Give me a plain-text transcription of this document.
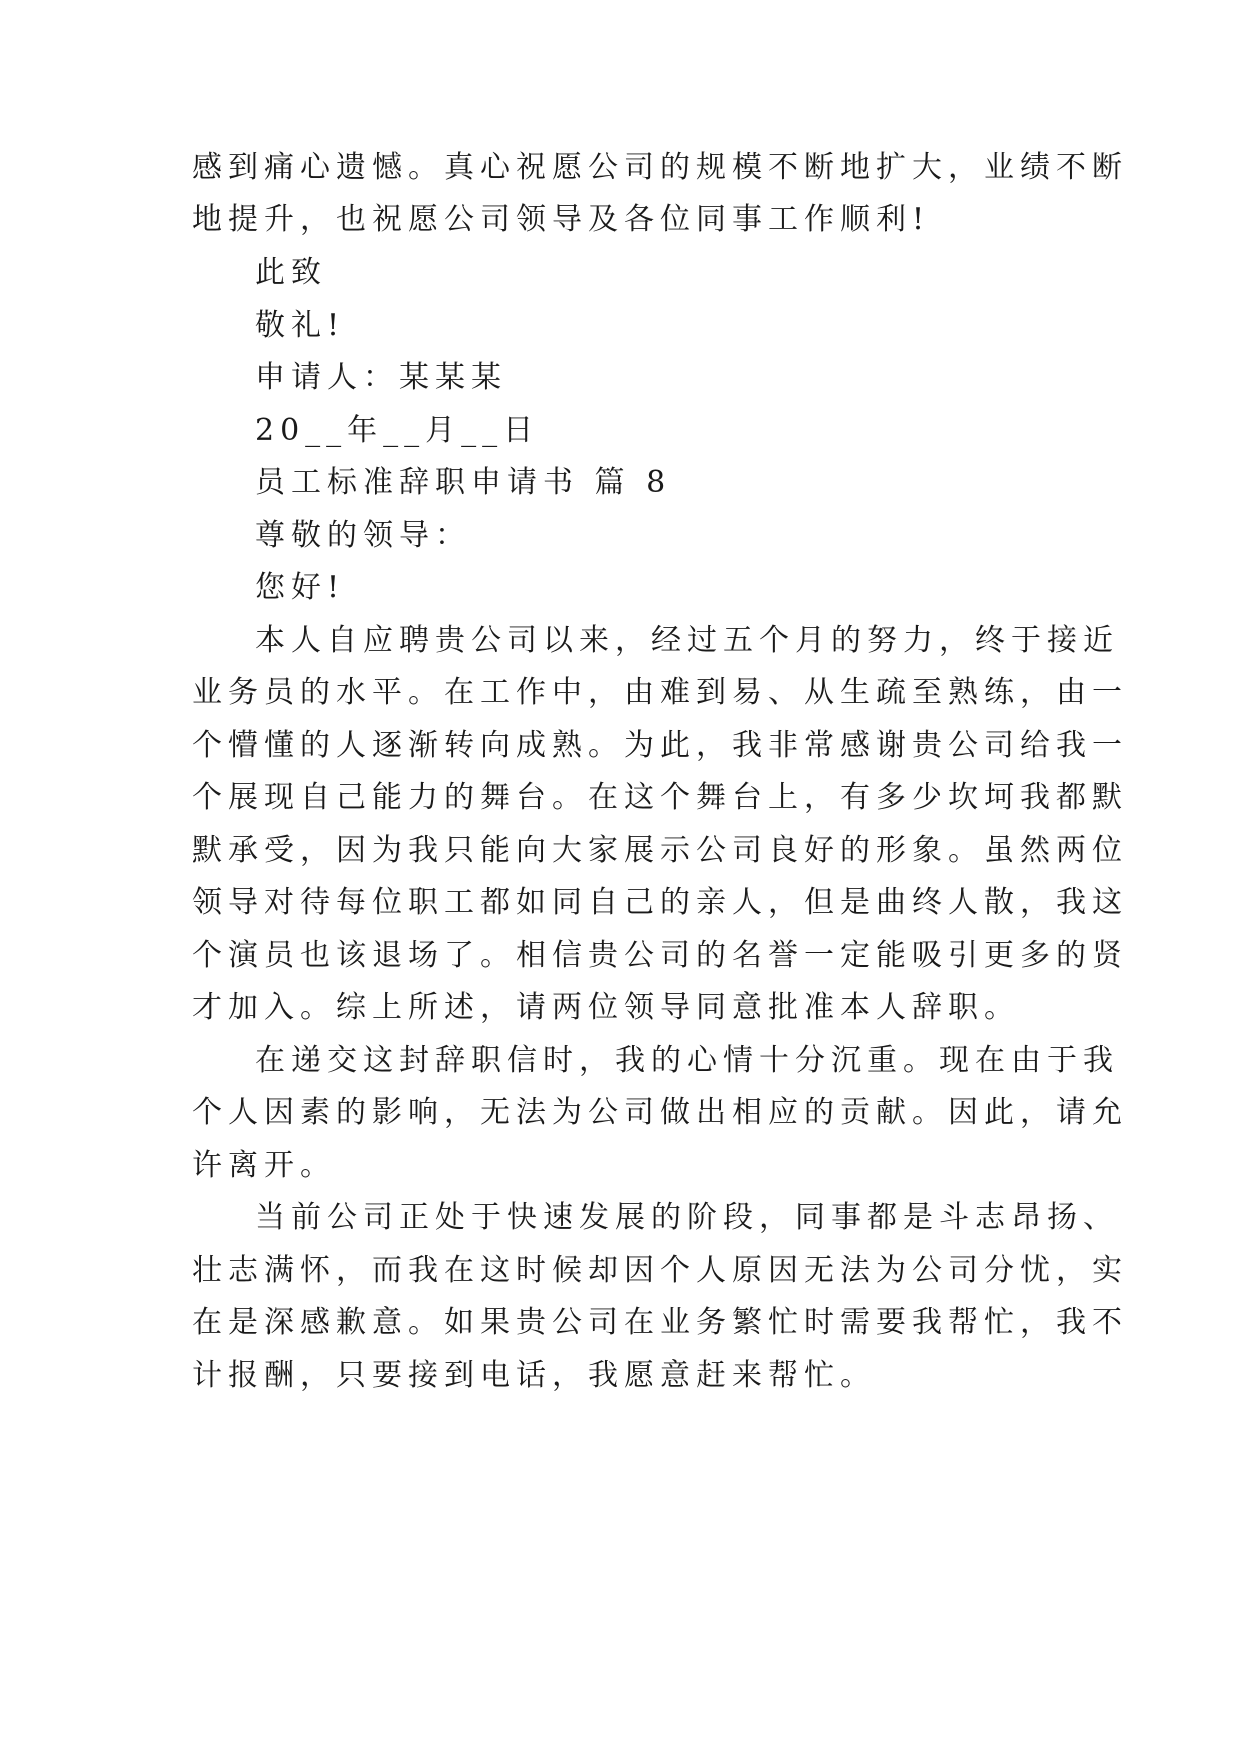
感到痛心遗憾。真心祝愿公司的规模不断地扩大，业绩不断
地提升，也祝愿公司领导及各位同事工作顺利!
此致
敬礼!
申请人：某某某
20__年__月__日
员工标准辞职申请书 篇 8
尊敬的领导：
您好!
本人自应聘贵公司以来，经过五个月的努力，终于接近
业务员的水平。在工作中，由难到易、从生疏至熟练，由一
个懵懂的人逐渐转向成熟。为此，我非常感谢贵公司给我一
个展现自己能力的舞台。在这个舞台上，有多少坎坷我都默
默承受，因为我只能向大家展示公司良好的形象。虽然两位
领导对待每位职工都如同自己的亲人，但是曲终人散，我这
个演员也该退场了。相信贵公司的名誉一定能吸引更多的贤
才加入。综上所述，请两位领导同意批准本人辞职。
在递交这封辞职信时，我的心情十分沉重。现在由于我
个人因素的影响，无法为公司做出相应的贡献。因此，请允
许离开。
当前公司正处于快速发展的阶段，同事都是斗志昂扬、
壮志满怀，而我在这时候却因个人原因无法为公司分忧，实
在是深感歉意。如果贵公司在业务繁忙时需要我帮忙，我不
计报酬，只要接到电话，我愿意赶来帮忙。
